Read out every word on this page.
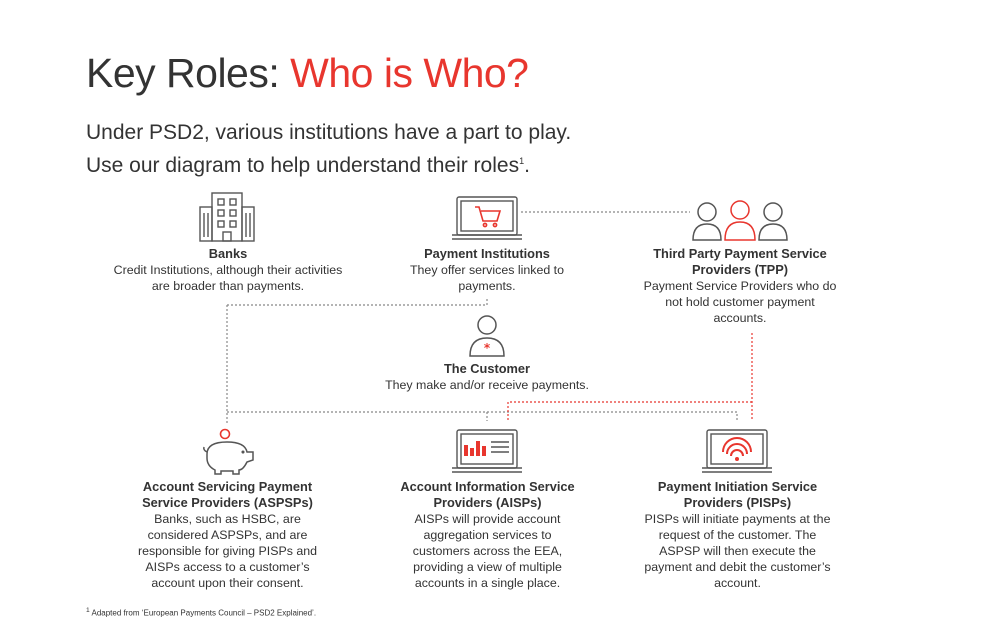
Key Roles: Who is Who?

Under PSD2, various institutions have a part to play.
Use our diagram to help understand their roles$^1$.

*
Banks
Credit Institutions, although their activities are broader than payments.
Payment Institutions
They offer services linked to payments.
Third Party Payment Service Providers (TPP)
Payment Service Providers who do not hold customer payment accounts.
The Customer
They make and/or receive payments.
Account Servicing Payment Service Providers (ASPSPs)
Banks, such as HSBC, are considered ASPSPs, and are responsible for giving PISPs and AISPs access to a customer’s account upon their consent.
Account Information Service Providers (AISPs)
AISPs will provide account aggregation services to customers across the EEA, providing a view of multiple accounts in a single place.
Payment Initiation Service Providers (PISPs)
PISPs will initiate payments at the request of the customer. The ASPSP will then execute the payment and debit the customer’s account.
$^1$ Adapted from ‘European Payments Council – PSD2 Explained’.
